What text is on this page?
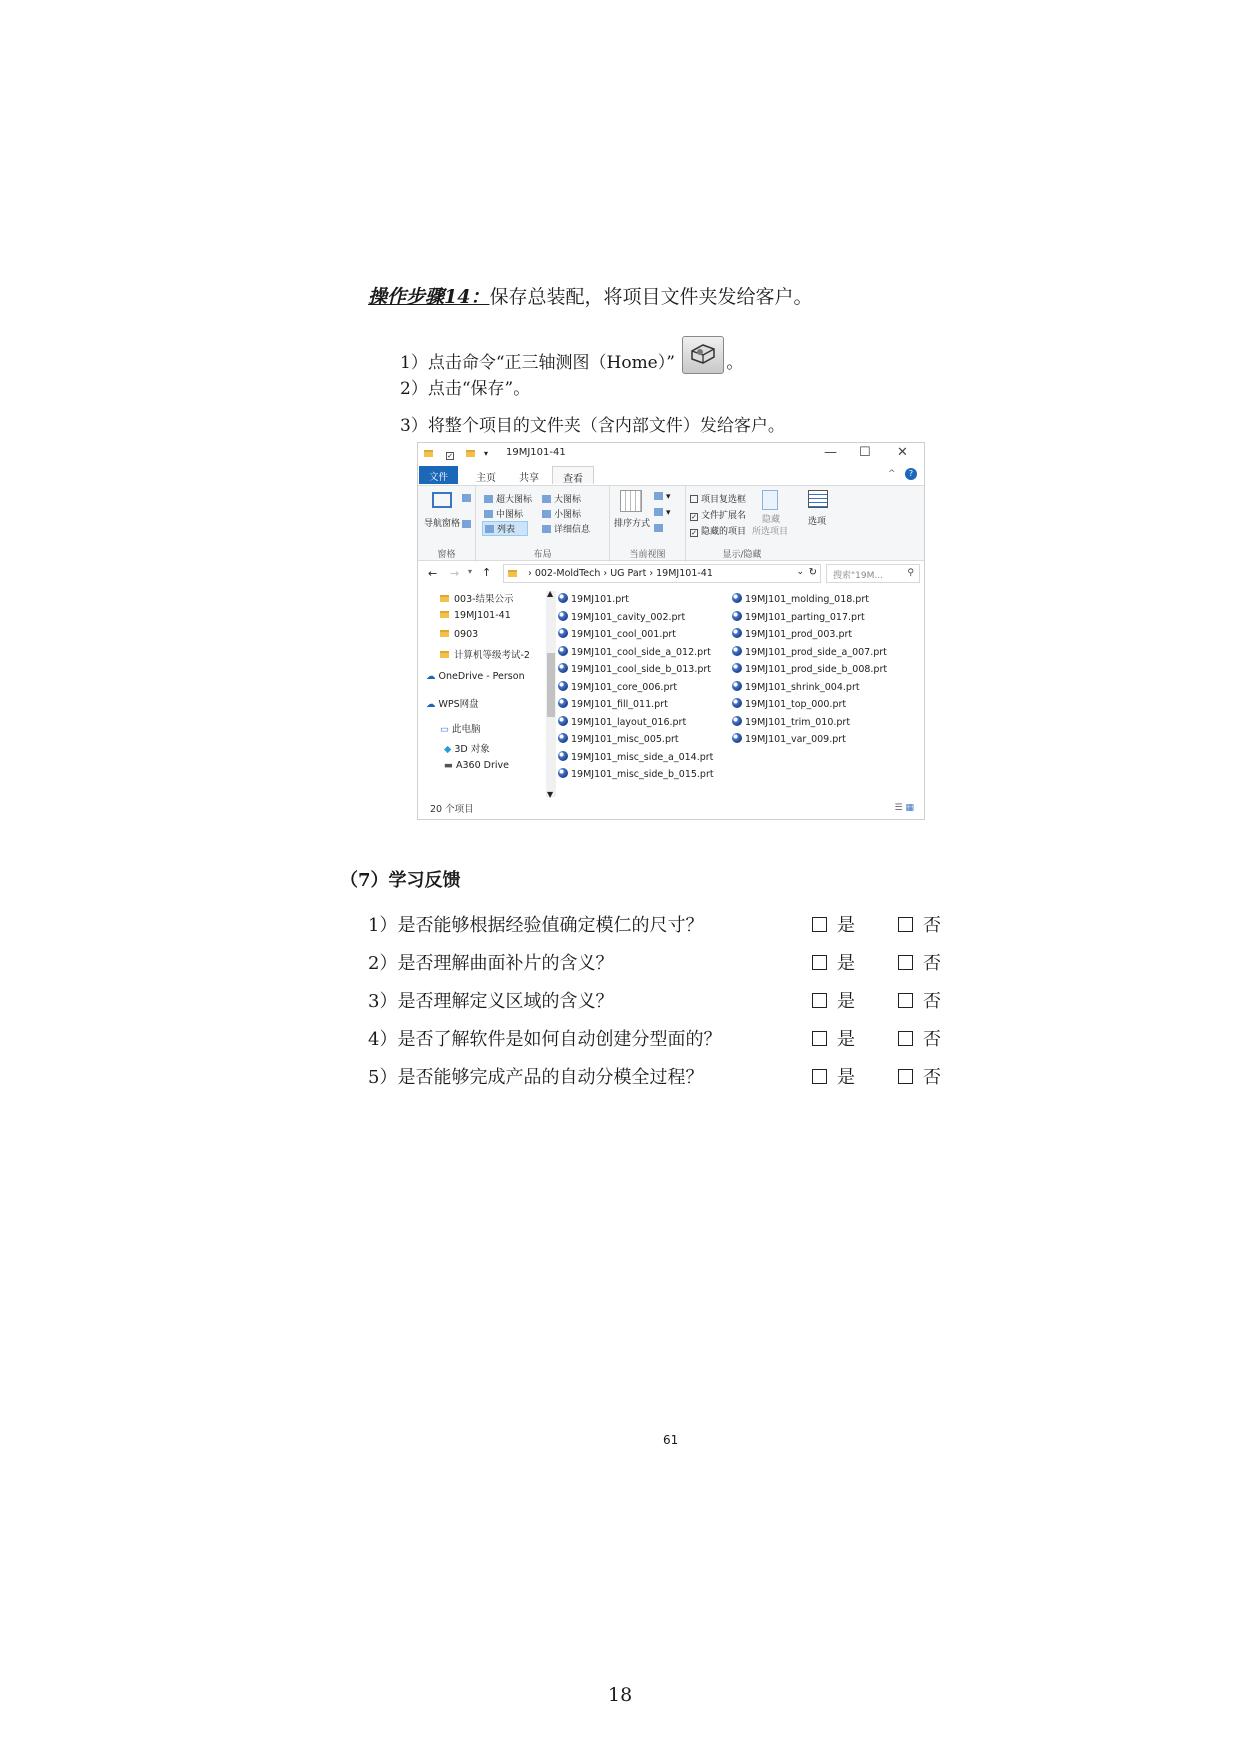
操作步骤14：保存总装配，将项目文件夹发给客户。
1）点击命令“正三轴测图（Home）”	。
2）点击“保存”。
3）将整个项目的文件夹（含内部文件）发给客户。
✓	▾	19MJ101-41	— ☐ ✕
文件	主页	共享	查看	^	?
导航窗格
窗格
超大图标	大图标
中图标	小图标
列表	详细信息
布局
排序方式
▾
▾
当前视图
项目复选框
✓ 文件扩展名
✓ 隐藏的项目
隐藏
所选项目
显示/隐藏
选项
← → ▾ ↑	› 002-MoldTech › UG Part › 19MJ101-41	⌄ ↻	搜索"19M...	⚲
003-结果公示
19MJ101-41
0903
计算机等级考试-2
☁ OneDrive - Person
☁ WPS网盘
▭ 此电脑
◆ 3D 对象
▬ A360 Drive
▲
▼
19MJ101.prt
19MJ101_cavity_002.prt
19MJ101_cool_001.prt
19MJ101_cool_side_a_012.prt
19MJ101_cool_side_b_013.prt
19MJ101_core_006.prt
19MJ101_fill_011.prt
19MJ101_layout_016.prt
19MJ101_misc_005.prt
19MJ101_misc_side_a_014.prt
19MJ101_misc_side_b_015.prt
19MJ101_molding_018.prt
19MJ101_parting_017.prt
19MJ101_prod_003.prt
19MJ101_prod_side_a_007.prt
19MJ101_prod_side_b_008.prt
19MJ101_shrink_004.prt
19MJ101_top_000.prt
19MJ101_trim_010.prt
19MJ101_var_009.prt
20 个项目	☰ ▦
（7）学习反馈
1）是否能够根据经验值确定模仁的尺寸？	是	否
2）是否理解曲面补片的含义？	是	否
3）是否理解定义区域的含义？	是	否
4）是否了解软件是如何自动创建分型面的？	是	否
5）是否能够完成产品的自动分模全过程？	是	否
61
18
